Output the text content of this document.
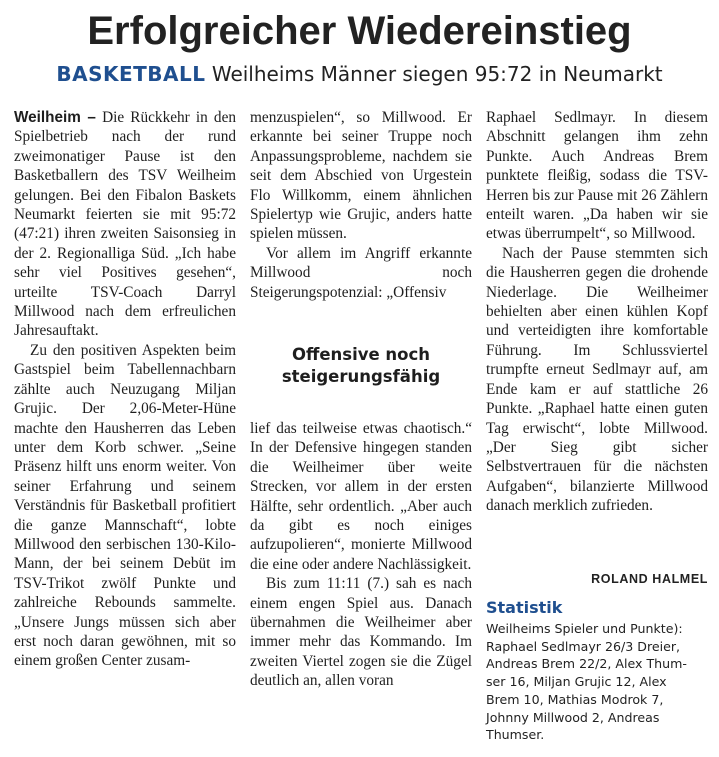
Erfolgreicher Wiedereinstieg
BASKETBALL Weilheims Männer siegen 95:72 in Neumarkt

Weilheim – Die Rückkehr in den Spielbetrieb nach der rund zweimonatiger Pause ist den Basketballern des TSV Weilheim gelungen. Bei den Fibalon Baskets Neumarkt feierten sie mit 95:72 (47:21) ihren zweiten Saisonsieg in der 2. Regionalliga Süd. „Ich habe sehr viel Positives gesehen“, urteilte TSV-Coach Darryl Millwood nach dem erfreulichen Jahresauftakt.

Zu den positiven Aspekten beim Gastspiel beim Tabellennachbarn zählte auch Neuzugang Miljan Grujic. Der 2,06-Meter-Hüne machte den Hausherren das Leben unter dem Korb schwer. „Seine Präsenz hilft uns enorm weiter. Von seiner Erfahrung und seinem Verständnis für Basketball profitiert die ganze Mannschaft“, lobte Millwood den serbischen 130-Kilo-Mann, der bei seinem Debüt im TSV-Trikot zwölf Punkte und zahlreiche Rebounds sammelte. „Unsere Jungs müssen sich aber erst noch daran gewöhnen, mit so einem großen Center zusam-

menzuspielen“, so Millwood. Er erkannte bei seiner Truppe noch Anpassungsprobleme, nachdem sie seit dem Abschied von Urgestein Flo Willkomm, einem ähnlichen Spielertyp wie Grujic, anders hatte spielen müssen.

Vor allem im Angriff erkannte Millwood noch Steigerungspotenzial: „Offensiv

Offensive noch steigerungsfähig

lief das teilweise etwas chaotisch.“ In der Defensive hingegen standen die Weilheimer über weite Strecken, vor allem in der ersten Hälfte, sehr ordentlich. „Aber auch da gibt es noch einiges aufzupolieren“, monierte Millwood die eine oder andere Nachlässigkeit.

Bis zum 11:11 (7.) sah es nach einem engen Spiel aus. Danach übernahmen die Weilheimer aber immer mehr das Kommando. Im zweiten Viertel zogen sie die Zügel deutlich an, allen voran

Raphael Sedlmayr. In diesem Abschnitt gelangen ihm zehn Punkte. Auch Andreas Brem punktete fleißig, sodass die TSV-Herren bis zur Pause mit 26 Zählern enteilt waren. „Da haben wir sie etwas überrumpelt“, so Millwood.

Nach der Pause stemmten sich die Hausherren gegen die drohende Niederlage. Die Weilheimer behielten aber einen kühlen Kopf und verteidigten ihre komfortable Führung. Im Schlussviertel trumpfte erneut Sedlmayr auf, am Ende kam er auf stattliche 26 Punkte. „Raphael hatte einen guten Tag erwischt“, lobte Millwood. „Der Sieg gibt sicher Selbstvertrauen für die nächsten Aufgaben“, bilanzierte Millwood danach merklich zufrieden.

ROLAND HALMEL
Statistik
Weilheims Spieler und Punkte):
Raphael Sedlmayr 26/3 Dreier,
Andreas Brem 22/2, Alex Thum-
ser 16, Miljan Grujic 12, Alex
Brem 10, Mathias Modrok 7,
Johnny Millwood 2, Andreas
Thumser.
